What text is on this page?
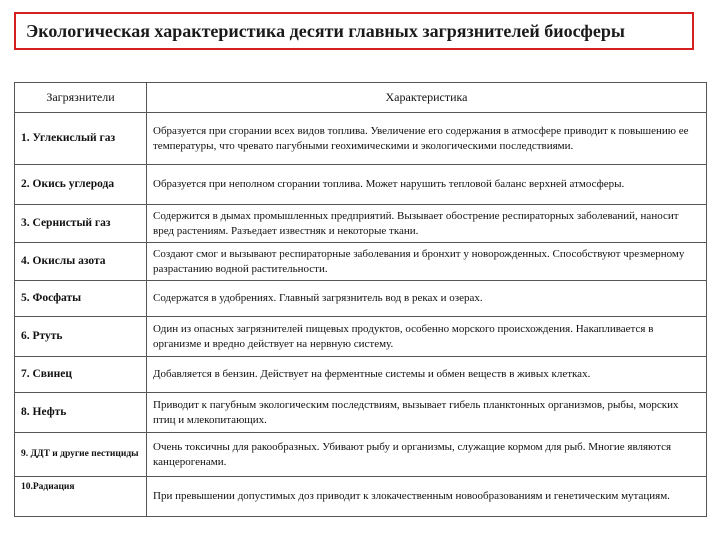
Экологическая характеристика десяти главных загрязнителей биосферы
Загрязнители	Характеристика
1. Углекислый газ	Образуется при сгорании всех видов топлива. Увеличение его содержания в атмосфере приводит к повышению ее температуры, что чревато пагубными геохимическими и экологическими последствиями.
2. Окись углерода	Образуется при неполном сгорании топлива. Может нарушить тепловой баланс верхней атмосферы.
3. Сернистый газ	Содержится в дымах промышленных предприятий. Вызывает обострение респираторных заболеваний, наносит вред растениям. Разъедает известняк и некоторые ткани.
4. Окислы азота	Создают смог и вызывают респираторные заболевания и бронхит у новорожденных. Способствуют чрезмерному разрастанию водной растительности.
5. Фосфаты	Содержатся в удобрениях. Главный загрязнитель вод в реках и озерах.
6. Ртуть	Один из опасных загрязнителей пищевых продуктов, особенно морского происхождения. Накапливается в организме и вредно действует на нервную систему.
7. Свинец	Добавляется в бензин. Действует на ферментные системы и обмен веществ в живых клетках.
8. Нефть	Приводит к пагубным экологическим последствиям, вызывает гибель планктонных организмов, рыбы, морских птиц и млекопитающих.
9. ДДТ и другие пестициды	Очень токсичны для ракообразных. Убивают рыбу и организмы, служащие кормом для рыб. Многие являются канцерогенами.
10.Радиация	При превышении допустимых доз приводит к злокачественным новообразованиям и генетическим мутациям.
